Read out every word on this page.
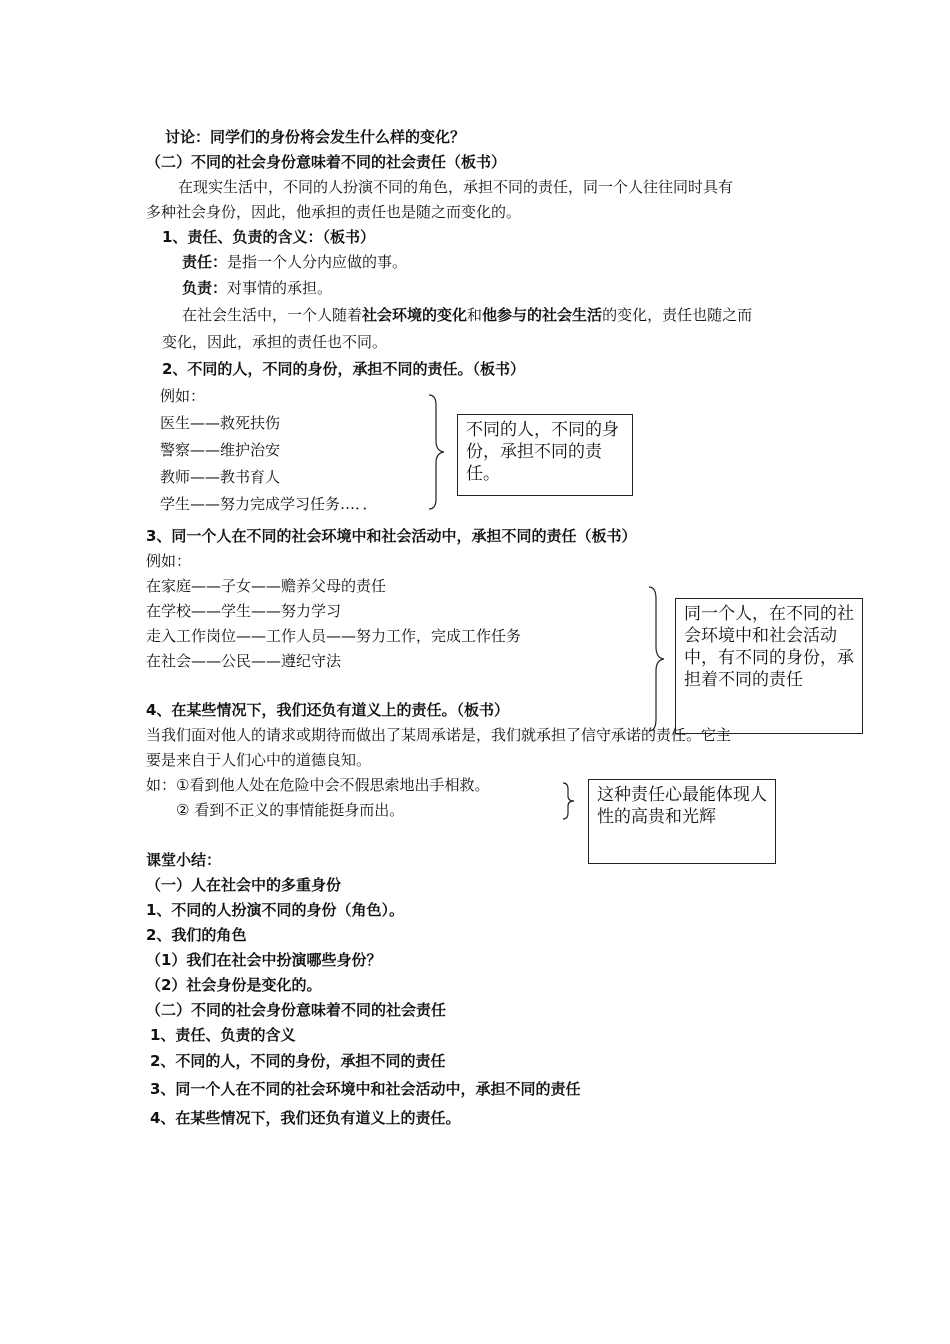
讨论：同学们的身份将会发生什么样的变化？
（二）不同的社会身份意味着不同的社会责任（板书）
在现实生活中，不同的人扮演不同的角色，承担不同的责任，同一个人往往同时具有
多种社会身份，因此，他承担的责任也是随之而变化的。
1、责任、负责的含义：（板书）
责任：是指一个人分内应做的事。
负责：对事情的承担。
在社会生活中，一个人随着社会环境的变化和他参与的社会生活的变化，责任也随之而
变化，因此，承担的责任也不同。
2、不同的人，不同的身份，承担不同的责任。（板书）
例如：
医生——救死扶伤
警察——维护治安
教师——教书育人
学生——努力完成学习任务…．．
不同的人，不同的身份，承担不同的责任。
3、同一个人在不同的社会环境中和社会活动中，承担不同的责任（板书）
例如：
在家庭——子女——赡养父母的责任
在学校——学生——努力学习
走入工作岗位——工作人员——努力工作，完成工作任务
在社会——公民——遵纪守法
同一个人，在不同的社会环境中和社会活动中，有不同的身份，承担着不同的责任
4、在某些情况下，我们还负有道义上的责任。（板书）
当我们面对他人的请求或期待而做出了某周承诺是，我们就承担了信守承诺的责任。它主
要是来自于人们心中的道德良知。
如：①看到他人处在危险中会不假思索地出手相救。
② 看到不正义的事情能挺身而出。
这种责任心最能体现人性的高贵和光辉
课堂小结：
（一）人在社会中的多重身份
1、不同的人扮演不同的身份（角色）。
2、我们的角色
（1）我们在社会中扮演哪些身份？
（2）社会身份是变化的。
（二）不同的社会身份意味着不同的社会责任
1、责任、负责的含义
2、不同的人，不同的身份，承担不同的责任
3、同一个人在不同的社会环境中和社会活动中，承担不同的责任
4、在某些情况下，我们还负有道义上的责任。
